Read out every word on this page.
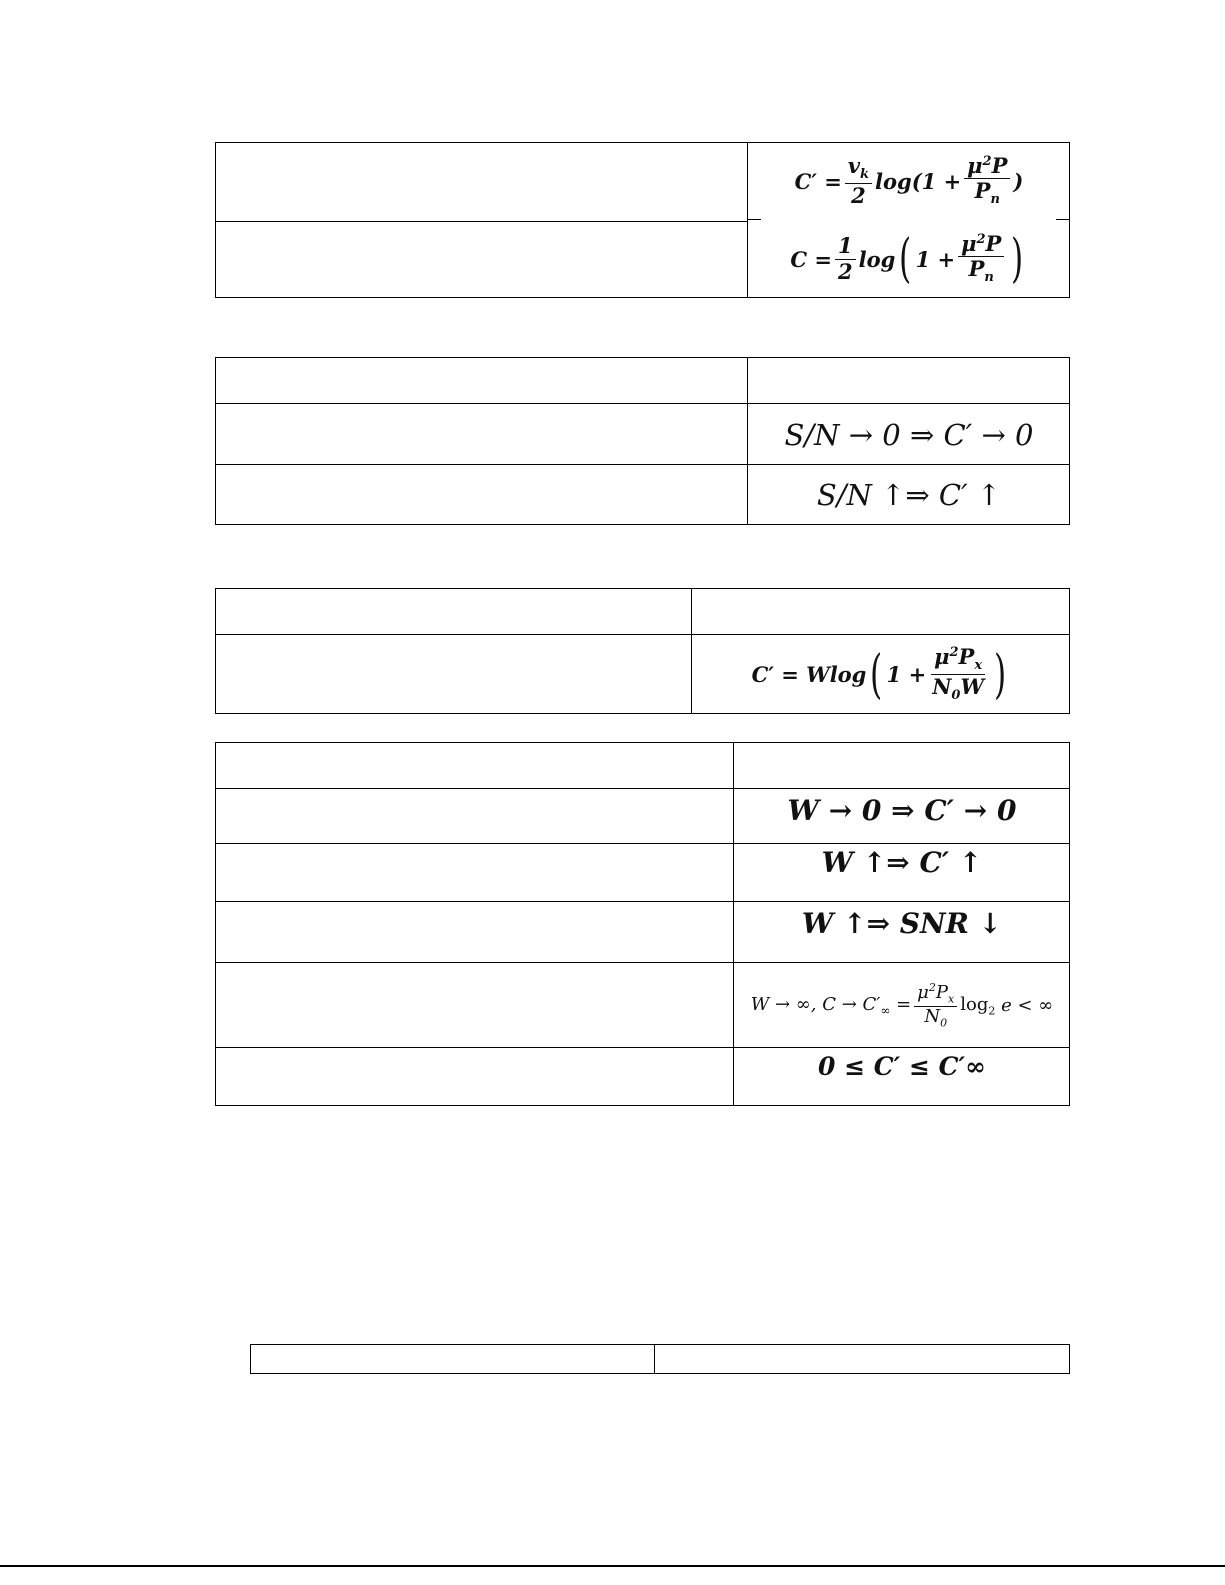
$C' = \frac{v_k}{2} \log(1 + \frac{\mu^2P}{P_n}$ )
$C = \frac{1}{2}$ log ( $1 + \frac{\mu^2P}{P_n}$ )
S/N → 0 ⇒ C′ → 0
S/N ↑⇒ C′ ↑
C′ = Wlog ( $1 + \frac{\mu^2P_x}{N_0W}$ )
W → 0 ⇒ C′ → 0
W ↑⇒ C′ ↑
W ↑⇒ SNR ↓
W → ∞, $C \to C'_\infty = \frac{\mu^2P_x}{N_0} \log_2 e$ < ∞
0 ≤ C′ ≤ C′∞
